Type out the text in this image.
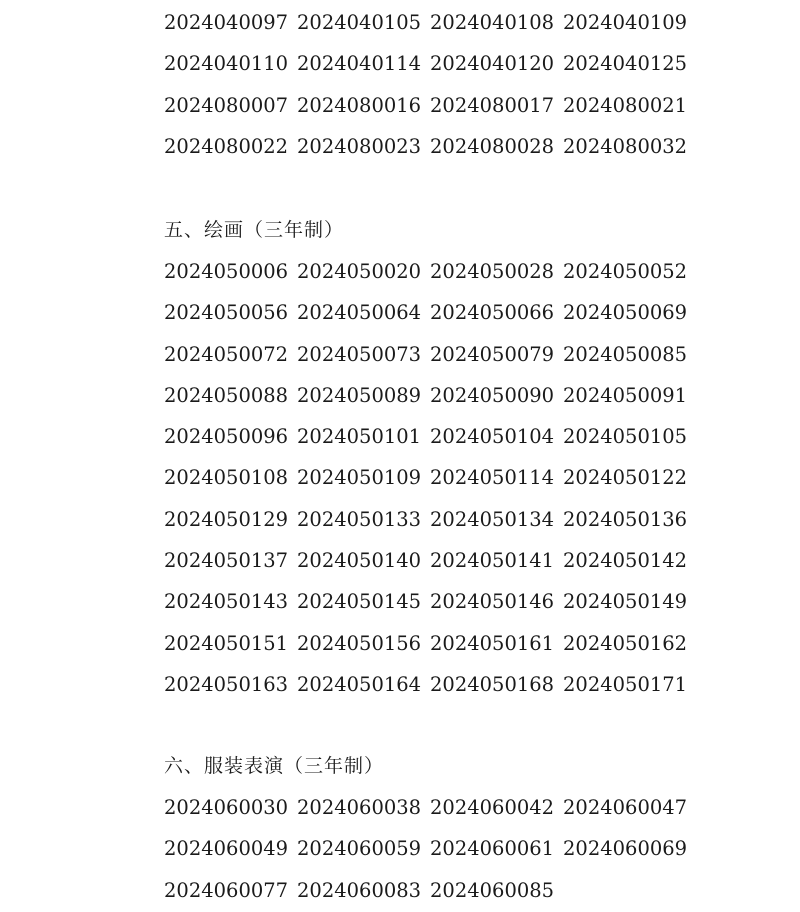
2024040097 2024040105 2024040108 2024040109
2024040110 2024040114 2024040120 2024040125
2024080007 2024080016 2024080017 2024080021
2024080022 2024080023 2024080028 2024080032
五、绘画（三年制）
2024050006 2024050020 2024050028 2024050052
2024050056 2024050064 2024050066 2024050069
2024050072 2024050073 2024050079 2024050085
2024050088 2024050089 2024050090 2024050091
2024050096 2024050101 2024050104 2024050105
2024050108 2024050109 2024050114 2024050122
2024050129 2024050133 2024050134 2024050136
2024050137 2024050140 2024050141 2024050142
2024050143 2024050145 2024050146 2024050149
2024050151 2024050156 2024050161 2024050162
2024050163 2024050164 2024050168 2024050171
六、服装表演（三年制）
2024060030 2024060038 2024060042 2024060047
2024060049 2024060059 2024060061 2024060069
2024060077 2024060083 2024060085
